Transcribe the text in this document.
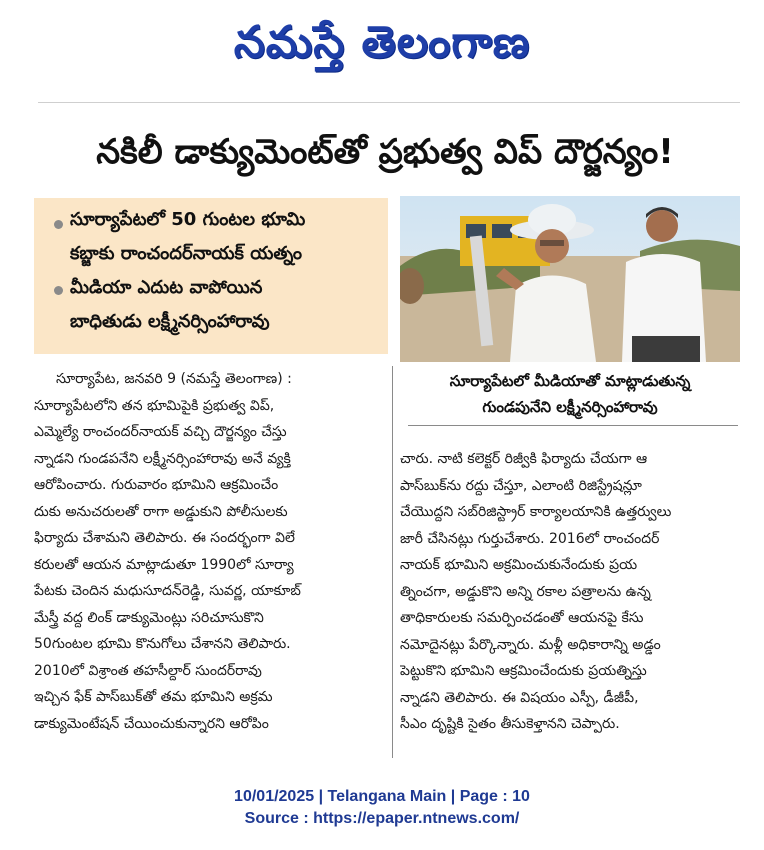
నమస్తే తెలంగాణ
నకిలీ డాక్యుమెంట్‌తో ప్రభుత్వ విప్ దౌర్జన్యం!
సూర్యాపేటలో 50 గుంటల భూమి
కబ్జాకు రాంచందర్‌నాయక్ యత్నం
మీడియా ఎదుట వాపోయిన
బాధితుడు లక్ష్మీనర్సింహారావు
సూర్యాపేటలో మీడియాతో మాట్లాడుతున్న
గుండపునేని లక్ష్మీనర్సింహారావు
సూర్యాపేట, జనవరి 9 (నమస్తే తెలంగాణ) :
సూర్యాపేటలోని తన భూమిపైకి ప్రభుత్వ విప్,
ఎమ్మెల్యే రాంచందర్‌నాయక్ వచ్చి దౌర్జన్యం చేస్తు
న్నాడని గుండపనేని లక్ష్మీనర్సింహారావు అనే వ్యక్తి
ఆరోపించారు. గురువారం భూమిని ఆక్రమించేం
దుకు అనుచరులతో రాగా అడ్డుకుని పోలీసులకు
ఫిర్యాదు చేశామని తెలిపారు. ఈ సందర్భంగా విలే
కరులతో ఆయన మాట్లాడుతూ 1990లో సూర్యా
పేటకు చెందిన మధుసూదన్‌రెడ్డి, సువర్ణ, యాకూబ్
మేస్త్రీ వద్ద లింక్ డాక్యుమెంట్లు సరిచూసుకొని
50గుంటల భూమి కొనుగోలు చేశానని తెలిపారు.
2010లో విశ్రాంత తహసీల్దార్ సుందర్‌రావు
ఇచ్చిన ఫేక్ పాస్‌బుక్‌తో తమ భూమిని అక్రమ
డాక్యుమెంటేషన్ చేయించుకున్నారని ఆరోపిం
చారు. నాటి కలెక్టర్ రిజ్వీకి ఫిర్యాదు చేయగా ఆ
పాస్‌బుక్‌ను రద్దు చేస్తూ, ఎలాంటి రిజిస్ట్రేషన్లూ
చేయొద్దని సబ్‌రిజిస్ట్రార్ కార్యాలయానికి ఉత్తర్వులు
జారీ చేసినట్లు గుర్తుచేశారు. 2016లో రాంచందర్
నాయక్ భూమిని అక్రమించుకునేందుకు ప్రయ
త్నించగా, అడ్డుకొని అన్ని రకాల పత్రాలను ఉన్న
తాధికారులకు సమర్పించడంతో ఆయనపై కేసు
నమోదైనట్లు పేర్కొన్నారు. మళ్లీ అధికారాన్ని అడ్డం
పెట్టుకొని భూమిని ఆక్రమించేందుకు ప్రయత్నిస్తు
న్నాడని తెలిపారు. ఈ విషయం ఎస్పీ, డీజీపీ,
సీఎం దృష్టికి సైతం తీసుకెళ్తానని చెప్పారు.
10/01/2025 | Telangana Main | Page : 10
Source : https://epaper.ntnews.com/
